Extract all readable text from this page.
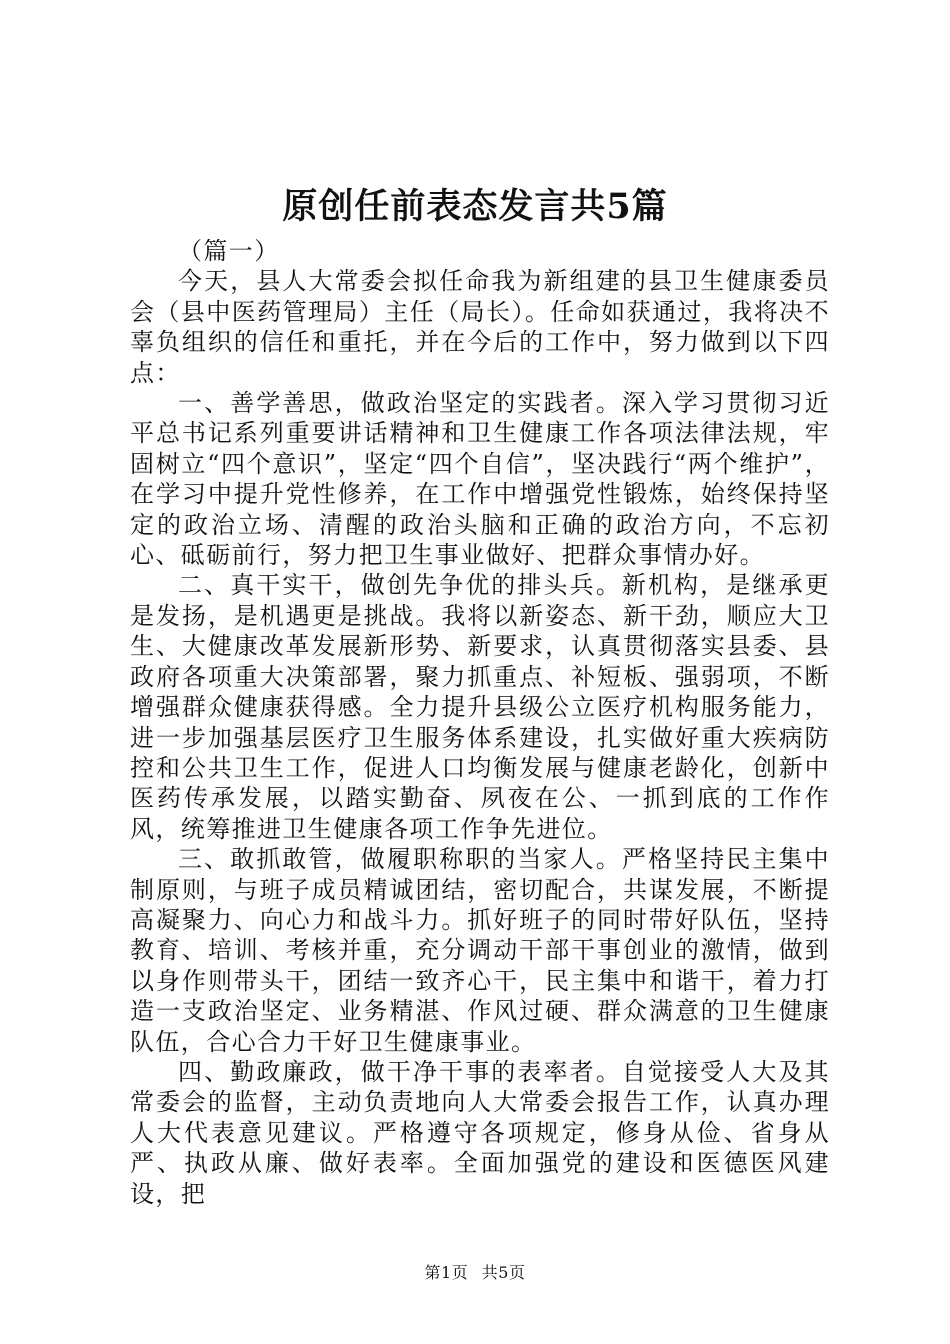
原创任前表态发言共5篇

（篇一）

今天，县人大常委会拟任命我为新组建的县卫生健康委员会（县中医药管理局）主任（局长）。任命如获通过，我将决不辜负组织的信任和重托，并在今后的工作中，努力做到以下四点：

一、善学善思，做政治坚定的实践者。深入学习贯彻习近平总书记系列重要讲话精神和卫生健康工作各项法律法规，牢固树立“四个意识”，坚定“四个自信”，坚决践行“两个维护”，在学习中提升党性修养，在工作中增强党性锻炼，始终保持坚定的政治立场、清醒的政治头脑和正确的政治方向，不忘初心、砥砺前行，努力把卫生事业做好、把群众事情办好。

二、真干实干，做创先争优的排头兵。新机构，是继承更是发扬，是机遇更是挑战。我将以新姿态、新干劲，顺应大卫生、大健康改革发展新形势、新要求，认真贯彻落实县委、县政府各项重大决策部署，聚力抓重点、补短板、强弱项，不断增强群众健康获得感。全力提升县级公立医疗机构服务能力，进一步加强基层医疗卫生服务体系建设，扎实做好重大疾病防控和公共卫生工作，促进人口均衡发展与健康老龄化，创新中医药传承发展，以踏实勤奋、夙夜在公、一抓到底的工作作风，统筹推进卫生健康各项工作争先进位。

三、敢抓敢管，做履职称职的当家人。严格坚持民主集中制原则，与班子成员精诚团结，密切配合，共谋发展，不断提高凝聚力、向心力和战斗力。抓好班子的同时带好队伍，坚持教育、培训、考核并重，充分调动干部干事创业的激情，做到以身作则带头干，团结一致齐心干，民主集中和谐干，着力打造一支政治坚定、业务精湛、作风过硬、群众满意的卫生健康队伍，合心合力干好卫生健康事业。

四、勤政廉政，做干净干事的表率者。自觉接受人大及其常委会的监督，主动负责地向人大常委会报告工作，认真办理人大代表意见建议。严格遵守各项规定，修身从俭、省身从严、执政从廉、做好表率。全面加强党的建设和医德医风建设，把

第1页 共5页
